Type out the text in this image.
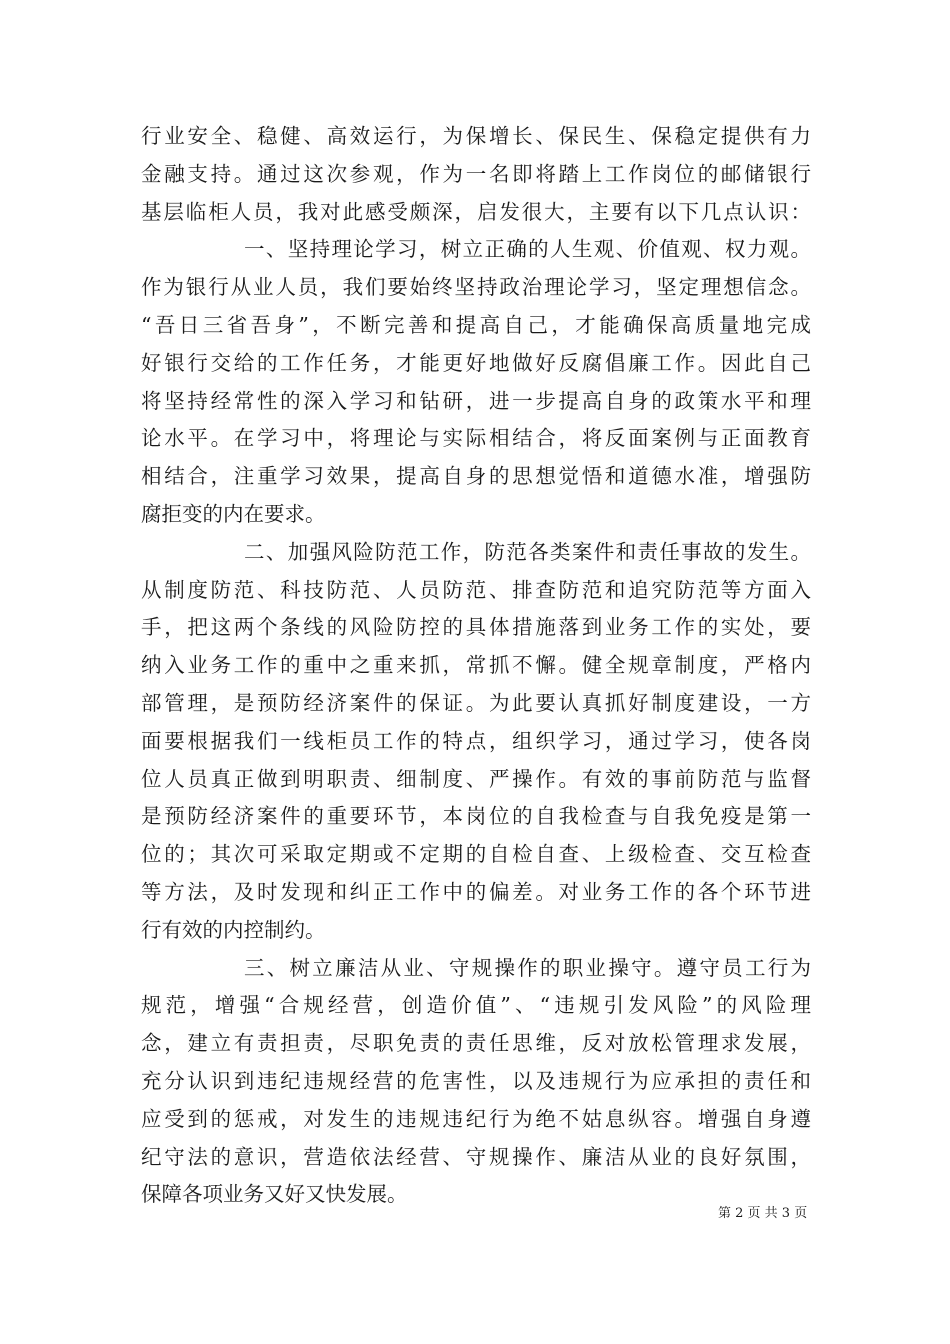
行业安全、稳健、高效运行，为保增长、保民生、保稳定提供有力
金融支持。通过这次参观，作为一名即将踏上工作岗位的邮储银行
基层临柜人员，我对此感受颇深，启发很大，主要有以下几点认识：
一、坚持理论学习，树立正确的人生观、价值观、权力观。
作为银行从业人员，我们要始终坚持政治理论学习，坚定理想信念。
“吾日三省吾身”，不断完善和提高自己，才能确保高质量地完成
好银行交给的工作任务，才能更好地做好反腐倡廉工作。因此自己
将坚持经常性的深入学习和钻研，进一步提高自身的政策水平和理
论水平。在学习中，将理论与实际相结合，将反面案例与正面教育
相结合，注重学习效果，提高自身的思想觉悟和道德水准，增强防
腐拒变的内在要求。
二、加强风险防范工作，防范各类案件和责任事故的发生。
从制度防范、科技防范、人员防范、排查防范和追究防范等方面入
手，把这两个条线的风险防控的具体措施落到业务工作的实处，要
纳入业务工作的重中之重来抓，常抓不懈。健全规章制度，严格内
部管理，是预防经济案件的保证。为此要认真抓好制度建设，一方
面要根据我们一线柜员工作的特点，组织学习，通过学习，使各岗
位人员真正做到明职责、细制度、严操作。有效的事前防范与监督
是预防经济案件的重要环节，本岗位的自我检查与自我免疫是第一
位的；其次可采取定期或不定期的自检自查、上级检查、交互检查
等方法，及时发现和纠正工作中的偏差。对业务工作的各个环节进
行有效的内控制约。
三、树立廉洁从业、守规操作的职业操守。遵守员工行为
规范，增强“合规经营，创造价值”、“违规引发风险”的风险理
念，建立有责担责，尽职免责的责任思维，反对放松管理求发展，
充分认识到违纪违规经营的危害性，以及违规行为应承担的责任和
应受到的惩戒，对发生的违规违纪行为绝不姑息纵容。增强自身遵
纪守法的意识，营造依法经营、守规操作、廉洁从业的良好氛围，
保障各项业务又好又快发展。
第 2 页 共 3 页
